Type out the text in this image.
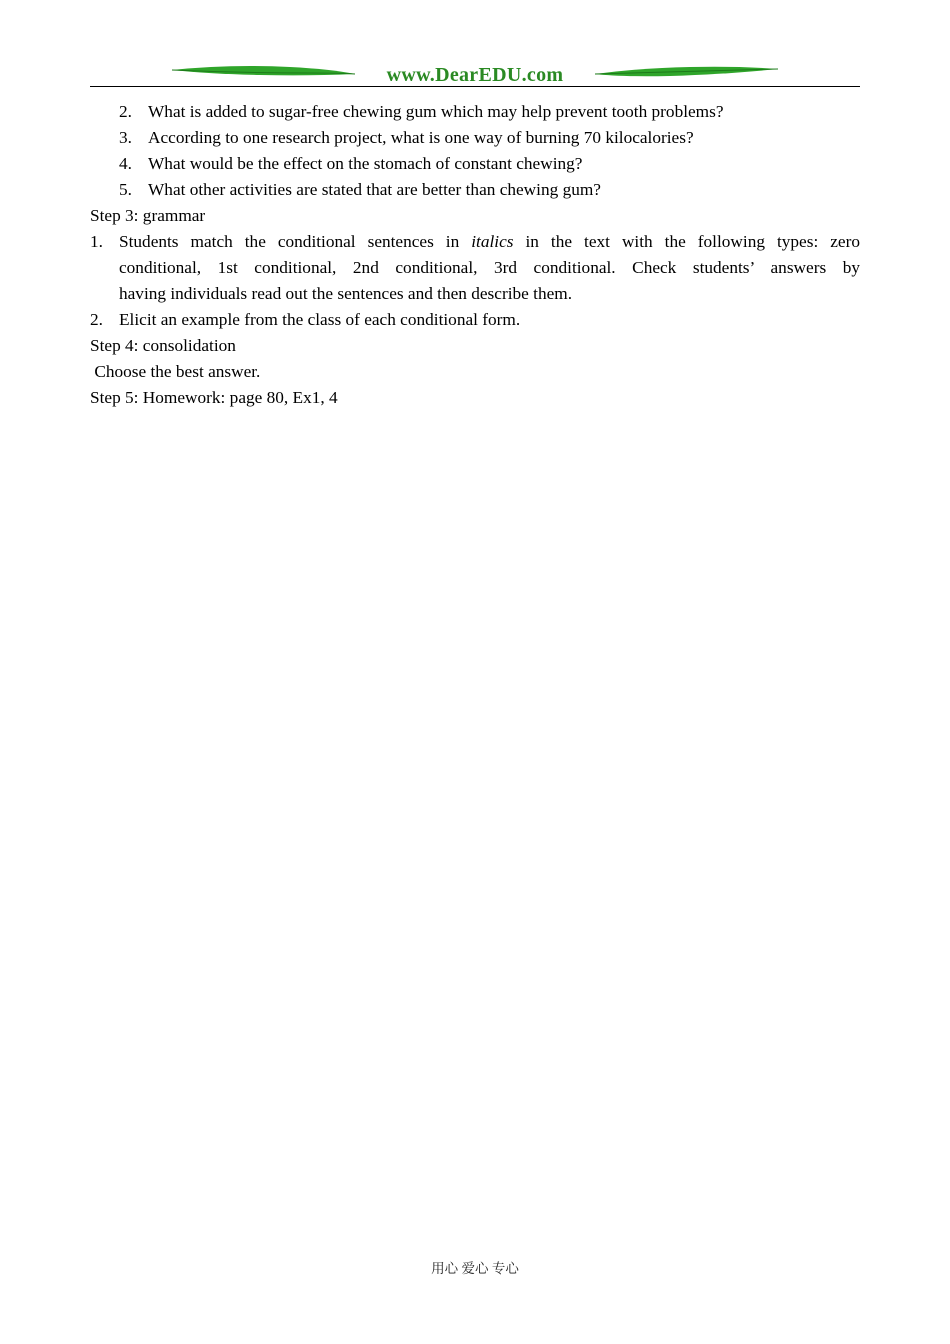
www.DearEDU.com
2. What is added to sugar-free chewing gum which may help prevent tooth problems?
3. According to one research project, what is one way of burning 70 kilocalories?
4. What would be the effect on the stomach of constant chewing?
5. What other activities are stated that are better than chewing gum?
Step 3: grammar
1. Students match the conditional sentences in italics in the text with the following types: zero
conditional, 1st conditional, 2nd conditional, 3rd conditional. Check students’ answers by
having individuals read out the sentences and then describe them.
2. Elicit an example from the class of each conditional form.
Step 4: consolidation
Choose the best answer.
Step 5: Homework: page 80, Ex1, 4
用心 爱心 专心
